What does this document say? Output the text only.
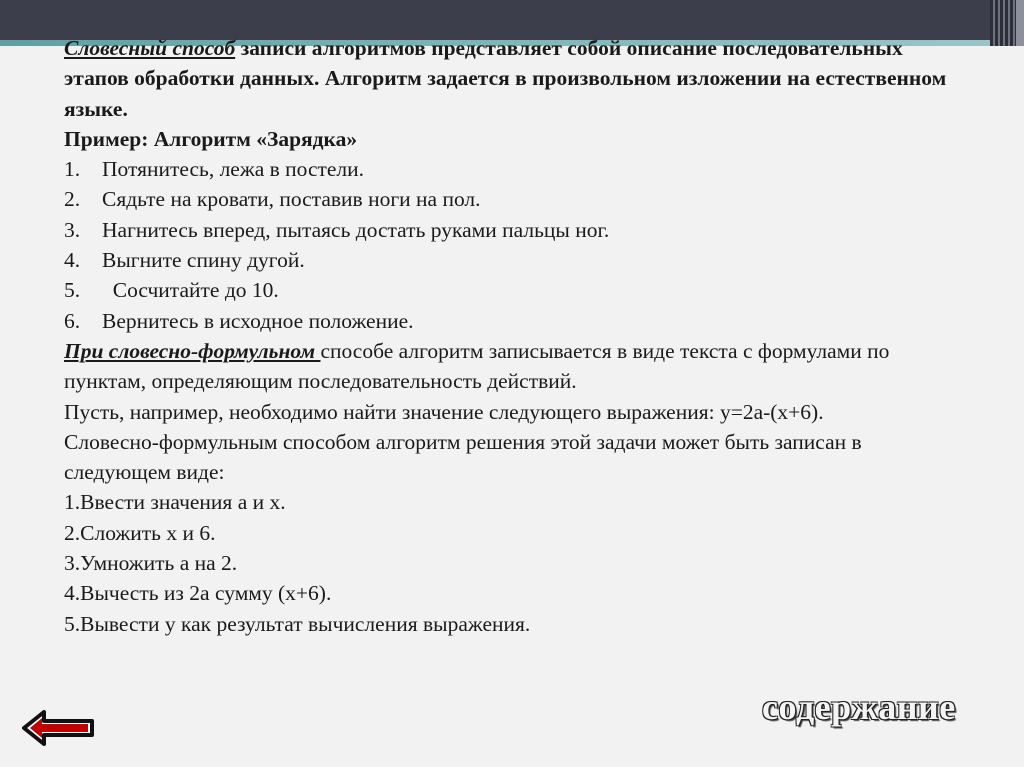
Словесный способ записи алгоритмов представляет собой описание последовательных этапов обработки данных. Алгоритм задается в произвольном изложении на естественном языке.
Пример: Алгоритм «Зарядка»
1.	Потянитесь, лежа в постели.
2.	Сядьте на кровати, поставив ноги на пол.
3.	Нагнитесь вперед, пытаясь достать руками пальцы ног.
4.	Выгните спину дугой.
5.	Сосчитайте до 10.
6.	Вернитесь в исходное положение.
При словесно-формульном способе алгоритм записывается в виде текста с формулами по пунктам, определяющим последовательность действий.
Пусть, например, необходимо найти значение следующего выражения: y=2a-(x+6).
Словесно-формульным способом алгоритм решения этой задачи может быть записан в следующем виде:
1.Ввести значения а и х.
2.Сложить х и 6.
3.Умножить a на 2.
4.Вычесть из 2a сумму (х+6).
5.Вывести y как результат вычисления выражения.
содержание
